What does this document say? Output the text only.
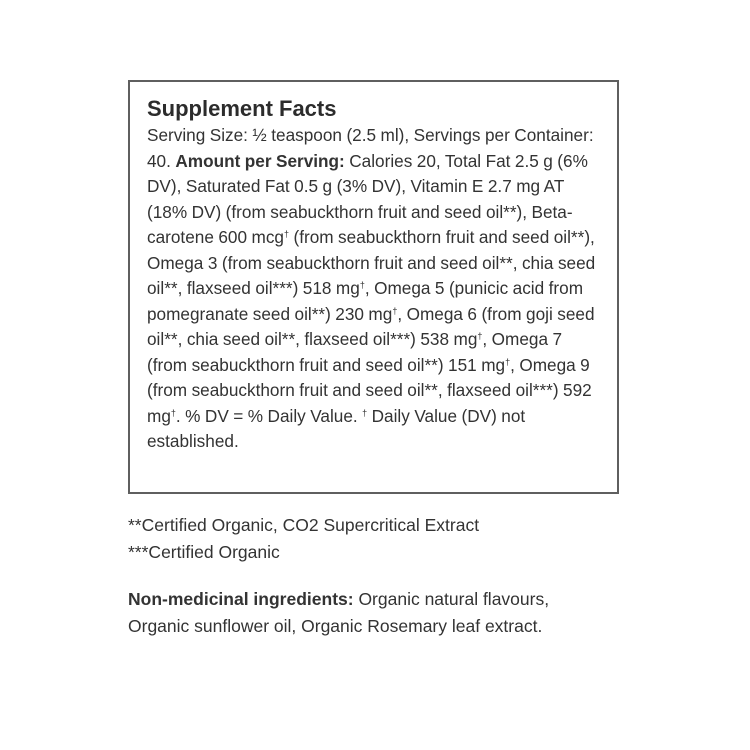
Supplement Facts
Serving Size: ½ teaspoon (2.5 ml), Servings per Container: 40. Amount per Serving: Calories 20, Total Fat 2.5 g (6% DV), Saturated Fat 0.5 g (3% DV), Vitamin E 2.7 mg AT (18% DV) (from seabuckthorn fruit and seed oil**), Beta-carotene 600 mcg† (from seabuckthorn fruit and seed oil**), Omega 3 (from seabuckthorn fruit and seed oil**, chia seed oil**, flaxseed oil***) 518 mg†, Omega 5 (punicic acid from pomegranate seed oil**) 230 mg†, Omega 6 (from goji seed oil**, chia seed oil**, flaxseed oil***) 538 mg†, Omega 7 (from seabuckthorn fruit and seed oil**) 151 mg†, Omega 9 (from seabuckthorn fruit and seed oil**, flaxseed oil***) 592 mg†. % DV = % Daily Value. † Daily Value (DV) not established.
**Certified Organic, CO2 Supercritical Extract
***Certified Organic
Non-medicinal ingredients: Organic natural flavours, Organic sunflower oil, Organic Rosemary leaf extract.
